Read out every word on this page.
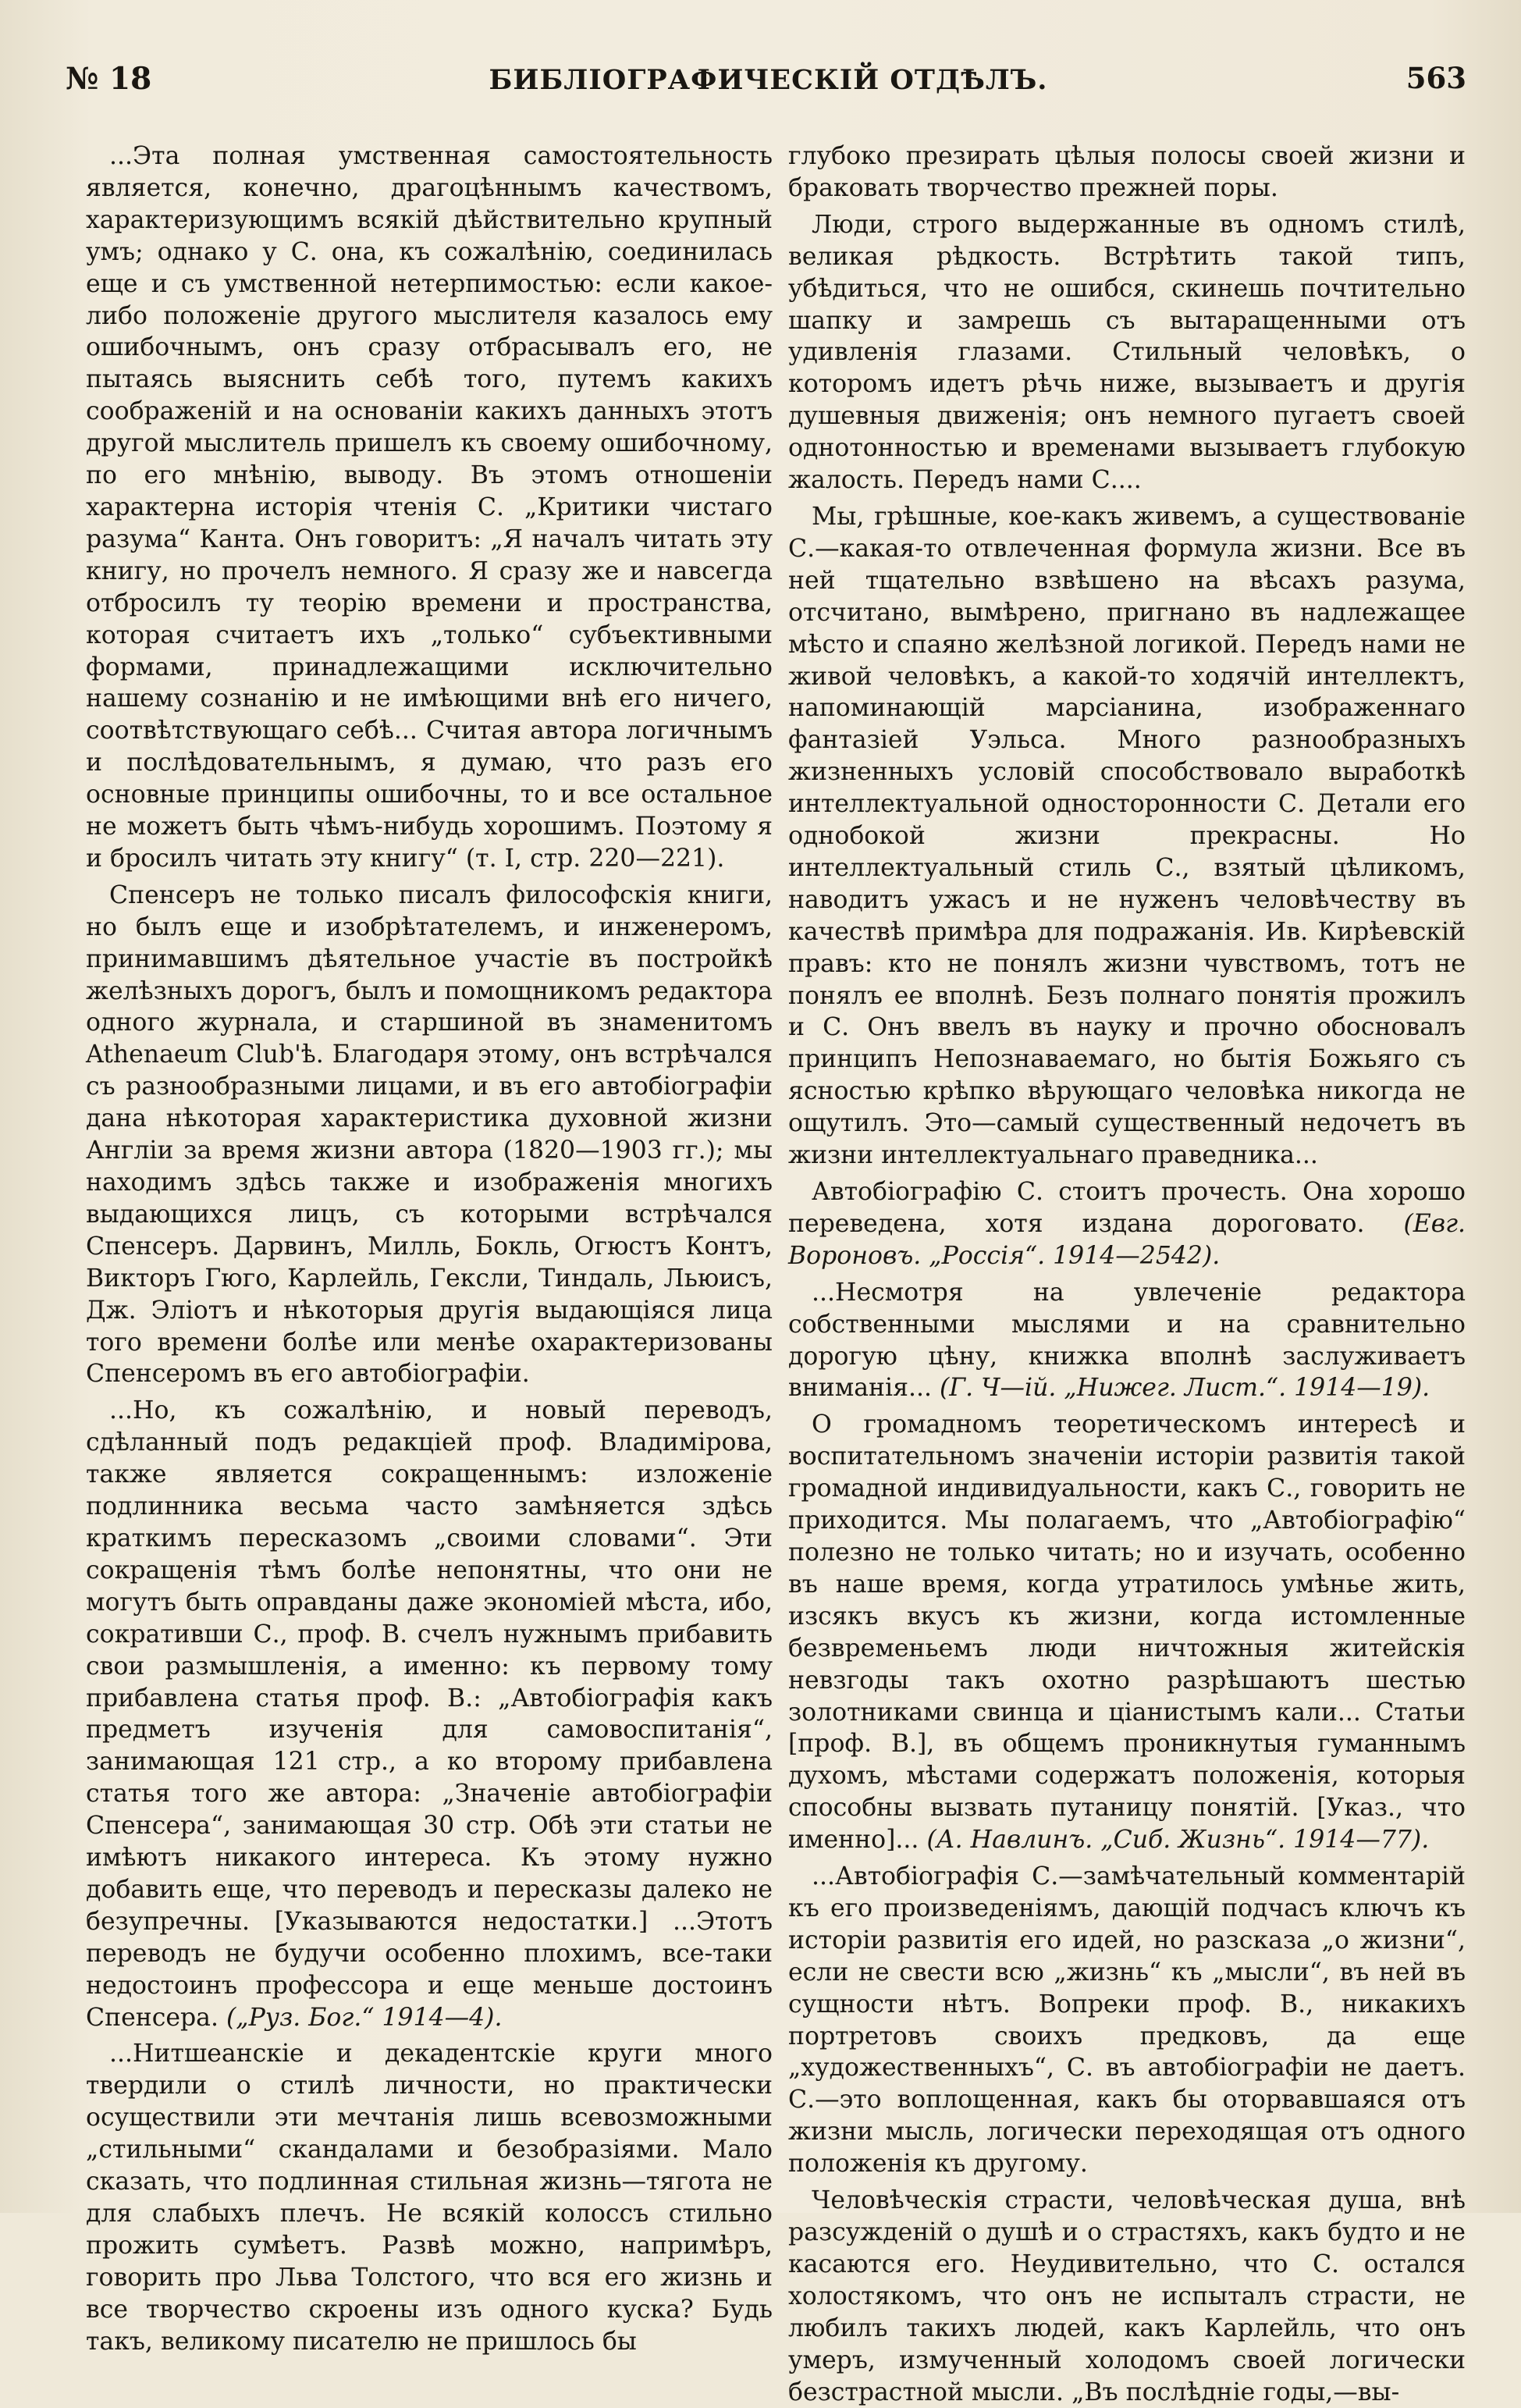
№ 18	БИБЛІОГРАФИЧЕСКІЙ ОТДѢЛЪ.	563

...Эта полная умственная самостоятельность является, конечно, драгоцѣннымъ качествомъ, характеризующимъ всякій дѣйствительно крупный умъ; однако у С. она, къ сожалѣнію, соединилась еще и съ умственной нетерпимостью: если какое-либо положеніе другого мыслителя казалось ему ошибочнымъ, онъ сразу отбрасывалъ его, не пытаясь выяснить себѣ того, путемъ какихъ соображеній и на основаніи какихъ данныхъ этотъ другой мыслитель пришелъ къ своему ошибочному, по его мнѣнію, выводу. Въ этомъ отношеніи характерна исторія чтенія С. „Критики чистаго разума“ Канта. Онъ говоритъ: „Я началъ читать эту книгу, но прочелъ немного. Я сразу же и навсегда отбросилъ ту теорію времени и пространства, которая считаетъ ихъ „только“ субъективными формами, принадлежащими исключительно нашему сознанію и не имѣющими внѣ его ничего, соотвѣтствующаго себѣ... Считая автора логичнымъ и послѣдовательнымъ, я думаю, что разъ его основные принципы ошибочны, то и все остальное не можетъ быть чѣмъ-нибудь хорошимъ. Поэтому я и бросилъ читать эту книгу“ (т. I, стр. 220—221).

Спенсеръ не только писалъ философскія книги, но былъ еще и изобрѣтателемъ, и инженеромъ, принимавшимъ дѣятельное участіе въ постройкѣ желѣзныхъ дорогъ, былъ и помощникомъ редактора одного журнала, и старшиной въ знаменитомъ Athenaeum Club'ѣ. Благодаря этому, онъ встрѣчался съ разнообразными лицами, и въ его автобіографіи дана нѣкоторая характеристика духовной жизни Англіи за время жизни автора (1820—1903 гг.); мы находимъ здѣсь также и изображенія многихъ выдающихся лицъ, съ которыми встрѣчался Спенсеръ. Дарвинъ, Милль, Бокль, Огюстъ Контъ, Викторъ Гюго, Карлейль, Гексли, Тиндаль, Льюисъ, Дж. Эліотъ и нѣкоторыя другія выдающіяся лица того времени болѣе или менѣе охарактеризованы Спенсеромъ въ его автобіографіи.

...Но, къ сожалѣнію, и новый переводъ, сдѣланный подъ редакціей проф. Владимірова, также является сокращеннымъ: изложеніе подлинника весьма часто замѣняется здѣсь краткимъ пересказомъ „своими словами“. Эти сокращенія тѣмъ болѣе непонятны, что они не могутъ быть оправданы даже экономіей мѣста, ибо, сокративши С., проф. В. счелъ нужнымъ прибавить свои размышленія, а именно: къ первому тому прибавлена статья проф. В.: „Автобіографія какъ предметъ изученія для самовоспитанія“, занимающая 121 стр., а ко второму прибавлена статья того же автора: „Значеніе автобіографіи Спенсера“, занимающая 30 стр. Обѣ эти статьи не имѣютъ никакого интереса. Къ этому нужно добавить еще, что переводъ и пересказы далеко не безупречны. [Указываются недостатки.] ...Этотъ переводъ не будучи особенно плохимъ, все-таки недостоинъ профессора и еще меньше достоинъ Спенсера. („Руз. Бог.“ 1914—4).

...Нитшеанскіе и декадентскіе круги много твердили о стилѣ личности, но практически осуществили эти мечтанія лишь всевозможными „стильными“ скандалами и безобразіями. Мало сказать, что подлинная стильная жизнь—тягота не для слабыхъ плечъ. Не всякій колоссъ стильно прожить сумѣетъ. Развѣ можно, напримѣръ, говорить про Льва Толстого, что вся его жизнь и все творчество скроены изъ одного куска? Будь такъ, великому писателю не пришлось бы

глубоко презирать цѣлыя полосы своей жизни и браковать творчество прежней поры.

Люди, строго выдержанные въ одномъ стилѣ, великая рѣдкость. Встрѣтить такой типъ, убѣдиться, что не ошибся, скинешь почтительно шапку и замрешь съ вытаращенными отъ удивленія глазами. Стильный человѣкъ, о которомъ идетъ рѣчь ниже, вызываетъ и другія душевныя движенія; онъ немного пугаетъ своей однотонностью и временами вызываетъ глубокую жалость. Передъ нами С....

Мы, грѣшные, кое-какъ живемъ, а существованіе С.—какая-то отвлеченная формула жизни. Все въ ней тщательно взвѣшено на вѣсахъ разума, отсчитано, вымѣрено, пригнано въ надлежащее мѣсто и спаяно желѣзной логикой. Передъ нами не живой человѣкъ, а какой-то ходячій интеллектъ, напоминающій марсіанина, изображеннаго фантазіей Уэльса. Много разнообразныхъ жизненныхъ условій способствовало выработкѣ интеллектуальной односторонности С. Детали его однобокой жизни прекрасны. Но интеллектуальный стиль С., взятый цѣликомъ, наводитъ ужасъ и не нуженъ человѣчеству въ качествѣ примѣра для подражанія. Ив. Кирѣевскій правъ: кто не понялъ жизни чувствомъ, тотъ не понялъ ее вполнѣ. Безъ полнаго понятія прожилъ и С. Онъ ввелъ въ науку и прочно обосновалъ принципъ Непознаваемаго, но бытія Божьяго съ ясностью крѣпко вѣрующаго человѣка никогда не ощутилъ. Это—самый существенный недочетъ въ жизни интеллектуальнаго праведника...

Автобіографію С. стоитъ прочесть. Она хорошо переведена, хотя издана дороговато. (Евг. Вороновъ. „Россія“. 1914—2542).

...Несмотря на увлеченіе редактора собственными мыслями и на сравнительно дорогую цѣну, книжка вполнѣ заслуживаетъ вниманія... (Г. Ч—ій. „Нижег. Лист.“. 1914—19).

О громадномъ теоретическомъ интересѣ и воспитательномъ значеніи исторіи развитія такой громадной индивидуальности, какъ С., говорить не приходится. Мы полагаемъ, что „Автобіографію“ полезно не только читать; но и изучать, особенно въ наше время, когда утратилось умѣнье жить, изсякъ вкусъ къ жизни, когда истомленные безвременьемъ люди ничтожныя житейскія невзгоды такъ охотно разрѣшаютъ шестью золотниками свинца и ціанистымъ кали... Статьи [проф. В.], въ общемъ проникнутыя гуманнымъ духомъ, мѣстами содержатъ положенія, которыя способны вызвать путаницу понятій. [Указ., что именно]... (А. Навлинъ. „Сиб. Жизнь“. 1914—77).

...Автобіографія С.—замѣчательный комментарій къ его произведеніямъ, дающій подчасъ ключъ къ исторіи развитія его идей, но разсказа „о жизни“, если не свести всю „жизнь“ къ „мысли“, въ ней въ сущности нѣтъ. Вопреки проф. В., никакихъ портретовъ своихъ предковъ, да еще „художественныхъ“, С. въ автобіографіи не даетъ. С.—это воплощенная, какъ бы оторвавшаяся отъ жизни мысль, логически переходящая отъ одного положенія къ другому.

Человѣческія страсти, человѣческая душа, внѣ разсужденій о душѣ и о страстяхъ, какъ будто и не касаются его. Неудивительно, что С. остался холостякомъ, что онъ не испыталъ страсти, не любилъ такихъ людей, какъ Карлейль, что онъ умеръ, измученный холодомъ своей логически безстрастной мысли. „Въ послѣдніе годы,—вы-
